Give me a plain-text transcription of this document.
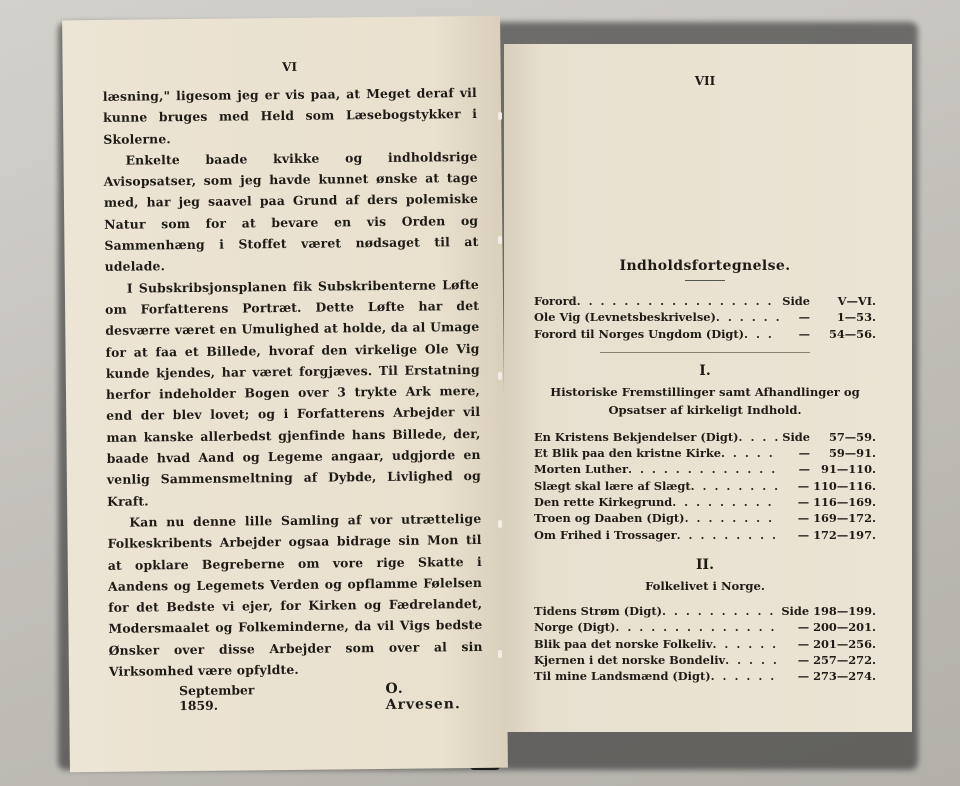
VI

læsning," ligesom jeg er vis paa, at Meget deraf vil kunne bruges med Held som Læsebogstykker i Skolerne.

Enkelte baade kvikke og indholdsrige Avisopsatser, som jeg havde kunnet ønske at tage med, har jeg saavel paa Grund af ders polemiske Natur som for at bevare en vis Orden og Sammenhæng i Stoffet været nødsaget til at udelade.

I Subskribsjonsplanen fik Subskribenterne Løfte om Forfatterens Portræt. Dette Løfte har det desværre været en Umulighed at holde, da al Umage for at faa et Billede, hvoraf den virkelige Ole Vig kunde kjendes, har været forgjæves. Til Erstatning herfor indeholder Bogen over 3 trykte Ark mere, end der blev lovet; og i Forfatterens Arbejder vil man kanske allerbedst gjenfinde hans Billede, der, baade hvad Aand og Legeme angaar, udgjorde en venlig Sammensmeltning af Dybde, Livlighed og Kraft.

Kan nu denne lille Samling af vor utrættelige Folkeskribents Arbejder ogsaa bidrage sin Mon til at opklare Begreberne om vore rige Skatte i Aandens og Legemets Verden og opflamme Følelsen for det Bedste vi ejer, for Kirken og Fædrelandet, Modersmaalet og Folkeminderne, da vil Vigs bedste Ønsker over disse Arbejder som over al sin Virksomhed være opfyldte.

September 1859.
O. Arvesen.
VII
Indholdsfortegnelse.
Forord . . .	Side	V—VI.
Ole Vig (Levnetsbeskrivelse) . . .	—	1—53.
Forord til Norges Ungdom (Digt) . . .	—	54—56.
I.
Historiske Fremstillinger samt Afhandlinger og Opsatser af kirkeligt Indhold.
En Kristens Bekjendelser (Digt) . . .	Side	57—59.
Et Blik paa den kristne Kirke . . .	—	59—91.
Morten Luther . . .	— 91—110.
Slægt skal lære af Slægt . . .	— 110—116.
Den rette Kirkegrund . . .	— 116—169.
Troen og Daaben (Digt) . . .	— 169—172.
Om Frihed i Trossager . . .	— 172—197.
II.
Folkelivet i Norge.
Tidens Strøm (Digt) . . .	Side 198—199.
Norge (Digt) . . .	— 200—201.
Blik paa det norske Folkeliv . . .	— 201—256.
Kjernen i det norske Bondeliv . . .	— 257—272.
Til mine Landsmænd (Digt) . . .	— 273—274.
